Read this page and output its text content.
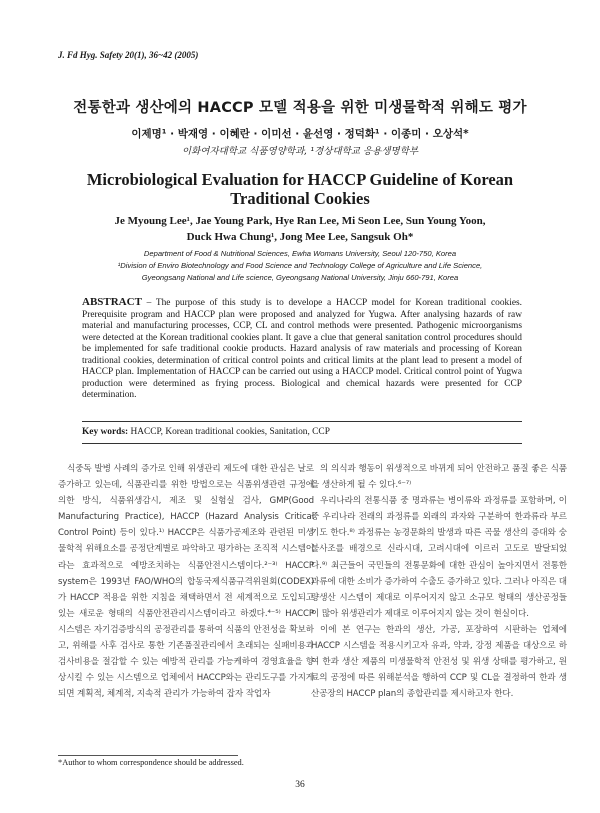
J. Fd Hyg. Safety 20(1), 36~42 (2005)
전통한과 생산에의 HACCP 모델 적용을 위한 미생물학적 위해도 평가
이제명¹ · 박재영 · 이혜란 · 이미선 · 윤선영 · 정덕화¹ · 이종미 · 오상석*
이화여자대학교 식품영양학과, ¹경상대학교 응용생명학부
Microbiological Evaluation for HACCP Guideline of Korean Traditional Cookies
Je Myoung Lee¹, Jae Young Park, Hye Ran Lee, Mi Seon Lee, Sun Young Yoon,
Duck Hwa Chung¹, Jong Mee Lee, Sangsuk Oh*
Department of Food & Nutritional Sciences, Ewha Womans University, Seoul 120-750, Korea
¹Division of Enviro Biotechnology and Food Science and Technology College of Agriculture and Life Science,
Gyeongsang National and Life science, Gyeongsang National University, Jinju 660-791, Korea

ABSTRACT – The purpose of this study is to develope a HACCP model for Korean traditional cookies. Prerequisite program and HACCP plan were proposed and analyzed for Yugwa. After analysing hazards of raw material and manufacturing processes, CCP, CL and control methods were presented. Pathogenic microorganisms were detected at the Korean traditional cookies plant. It gave a clue that general sanitation control procedures should be implemented for safe traditional cookie products. Hazard analysis of raw materials and processing of Korean traditional cookies, determination of critical control points and critical limits at the plant lead to present a model of HACCP plan. Implementation of HACCP can be carried out using a HACCP model. Critical control point of Yugwa production were determined as frying process. Biological and chemical hazards were presented for CCP determination.

Key words: HACCP, Korean traditional cookies, Sanitation, CCP

식중독 발병 사례의 증가로 인해 위생관리 제도에 대한 관심은 날로 증가하고 있는데, 식품관리를 위한 방법으로는 식품위생관련 규정에 의한 방식, 식품위생감시, 제조 및 실험실 검사, GMP(Good Manufacturing Practice), HACCP (Hazard Analysis Critical Control Point) 등이 있다.¹⁾ HACCP은 식품가공제조와 관련된 미생물학적 위해요소를 공정단계별로 파악하고 평가하는 조직적 시스템이라는 효과적으로 예방조치하는 식품안전시스템이다.²⁻³⁾ HACCP system은 1993년 FAO/WHO의 합동국제식품규격위원회(CODEX)가 HACCP 적용을 위한 지침을 채택하면서 전 세계적으로 도입되고 있는 새로운 형태의 식품안전관리시스템이라고 하겠다.⁴⁻⁵⁾ HACCP 시스템은 자기검증방식의 공정관리를 통하여 식품의 안전성을 확보하고, 위해를 사후 검사로 통한 기존품질관리에서 초래되는 실패비용과 검사비용을 절감할 수 있는 예방적 관리를 가능케하여 경영효율을 향상시킬 수 있는 시스템으로 업체에서 HACCP와는 관리도구를 가지게 되면 계획적, 체계적, 지속적 관리가 가능하여 잡자 작업자

의 의식과 행동이 위생적으로 바뀌게 되어 안전하고 품질 좋은 식품을 생산하게 될 수 있다.⁶⁻⁷⁾

우리나라의 전통식품 중 명과류는 병이류와 과정류를 포함하며, 이 중 우리나라 전래의 과정류를 외래의 과자와 구분하여 한과류라 부르기도 한다.⁸⁾ 과정류는 농경문화의 발생과 따른 곡물 생산의 증대와 숭불사조를 배경으로 신라시대, 고려시대에 이르러 고도로 발달되었다.⁹⁾ 최근들어 국민들의 전통문화에 대한 관심이 높아지면서 전통한과류에 대한 소비가 증가하여 수출도 증가하고 있다. 그러나 아직은 대량생산 시스템이 제대로 이루어지지 않고 소규모 형태의 생산공정들이 많아 위생관리가 제대로 이루어지지 않는 것이 현실이다.

이에 본 연구는 한과의 생산, 가공, 포장하여 시판하는 업체에 HACCP 시스템을 적용시키고자 유과, 약과, 강정 제품을 대상으로 하여 한과 생산 제품의 미생물학적 안전성 및 위생 상태를 평가하고, 원료의 공정에 따른 위해분석을 행하여 CCP 및 CL을 결정하여 한과 생산공장의 HACCP plan의 종합관리를 제시하고자 한다.

*Author to whom correspondence should be addressed.
36
